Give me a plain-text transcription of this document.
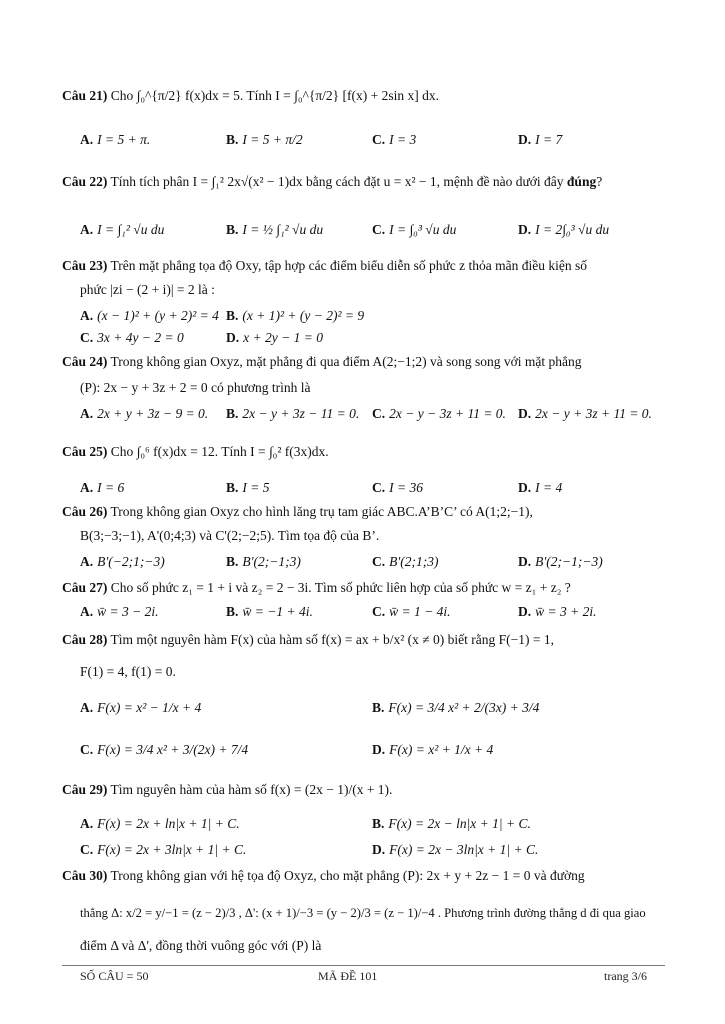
Câu 21) Cho ∫₀^{π/2} f(x)dx = 5. Tính I = ∫₀^{π/2} [f(x) + 2sin x] dx.
A. I = 5 + π.	B. I = 5 + π/2	C. I = 3	D. I = 7
Câu 22) Tính tích phân I = ∫₁² 2x√(x² − 1)dx bằng cách đặt u = x² − 1, mệnh đề nào dưới đây đúng?
A. I = ∫₁² √u du	B. I = ½ ∫₁² √u du	C. I = ∫₀³ √u du	D. I = 2∫₀³ √u du
Câu 23) Trên mặt phẳng tọa độ Oxy, tập hợp các điểm biểu diễn số phức z thỏa mãn điều kiện số
phức |zi − (2 + i)| = 2 là :
A. (x − 1)² + (y + 2)² = 4 B. (x + 1)² + (y − 2)² = 9
C. 3x + 4y − 2 = 0	D. x + 2y − 1 = 0
Câu 24) Trong không gian Oxyz, mặt phẳng đi qua điểm A(2;−1;2) và song song với mặt phẳng
(P): 2x − y + 3z + 2 = 0 có phương trình là
A. 2x + y + 3z − 9 = 0. B. 2x − y + 3z − 11 = 0. C. 2x − y − 3z + 11 = 0. D. 2x − y + 3z + 11 = 0.
Câu 25) Cho ∫₀⁶ f(x)dx = 12. Tính I = ∫₀² f(3x)dx.
A. I = 6	B. I = 5	C. I = 36	D. I = 4
Câu 26) Trong không gian Oxyz cho hình lăng trụ tam giác ABC.A’B’C’ có A(1;2;−1),
B(3;−3;−1), A'(0;4;3) và C'(2;−2;5). Tìm tọa độ của B’.
A. B'(−2;1;−3)	B. B'(2;−1;3)	C. B'(2;1;3)	D. B'(2;−1;−3)
Câu 27) Cho số phức z₁ = 1 + i và z₂ = 2 − 3i. Tìm số phức liên hợp của số phức w = z₁ + z₂ ?
A. w̄ = 3 − 2i.	B. w̄ = −1 + 4i.	C. w̄ = 1 − 4i.	D. w̄ = 3 + 2i.
Câu 28) Tìm một nguyên hàm F(x) của hàm số f(x) = ax + b/x² (x ≠ 0) biết rằng F(−1) = 1,
F(1) = 4, f(1) = 0.
A. F(x) = x² − 1/x + 4	B. F(x) = 3/4 x² + 2/(3x) + 3/4
C. F(x) = 3/4 x² + 3/(2x) + 7/4	D. F(x) = x² + 1/x + 4
Câu 29) Tìm nguyên hàm của hàm số f(x) = (2x − 1)/(x + 1).
A. F(x) = 2x + ln|x + 1| + C.	B. F(x) = 2x − ln|x + 1| + C.
C. F(x) = 2x + 3ln|x + 1| + C.	D. F(x) = 2x − 3ln|x + 1| + C.
Câu 30) Trong không gian với hệ tọa độ Oxyz, cho mặt phẳng (P): 2x + y + 2z − 1 = 0 và đường
thẳng Δ: x/2 = y/−1 = (z − 2)/3 , Δ': (x + 1)/−3 = (y − 2)/3 = (z − 1)/−4 . Phương trình đường thẳng d đi qua giao
điểm Δ và Δ', đồng thời vuông góc với (P) là
SỐ CÂU = 50	MÃ ĐỀ 101	trang 3/6
